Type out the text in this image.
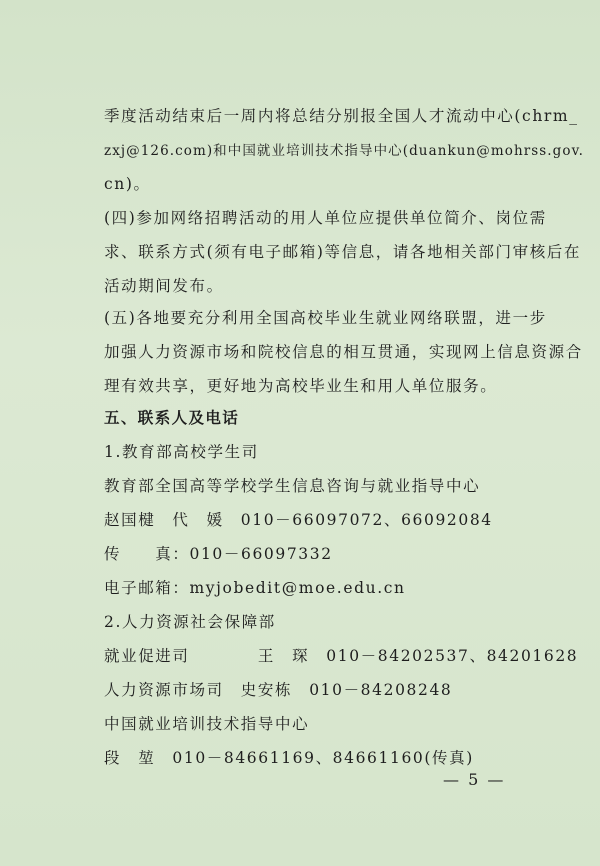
季度活动结束后一周内将总结分别报全国人才流动中心(chrm_
zxj@126.com)和中国就业培训技术指导中心(duankun@mohrss.gov.
cn)。
(四)参加网络招聘活动的用人单位应提供单位简介、岗位需
求、联系方式(须有电子邮箱)等信息，请各地相关部门审核后在
活动期间发布。
(五)各地要充分利用全国高校毕业生就业网络联盟，进一步
加强人力资源市场和院校信息的相互贯通，实现网上信息资源合
理有效共享，更好地为高校毕业生和用人单位服务。
五、联系人及电话
1.教育部高校学生司
教育部全国高等学校学生信息咨询与就业指导中心
赵国楗　代　媛　010－66097072、66092084
传　　真：010－66097332
电子邮箱：myjobedit@moe.edu.cn
2.人力资源社会保障部
就业促进司　　　　王　琛　010－84202537、84201628
人力资源市场司　史安栋　010－84208248
中国就业培训技术指导中心
段　堃　010－84661169、84661160(传真)
— 5 —
